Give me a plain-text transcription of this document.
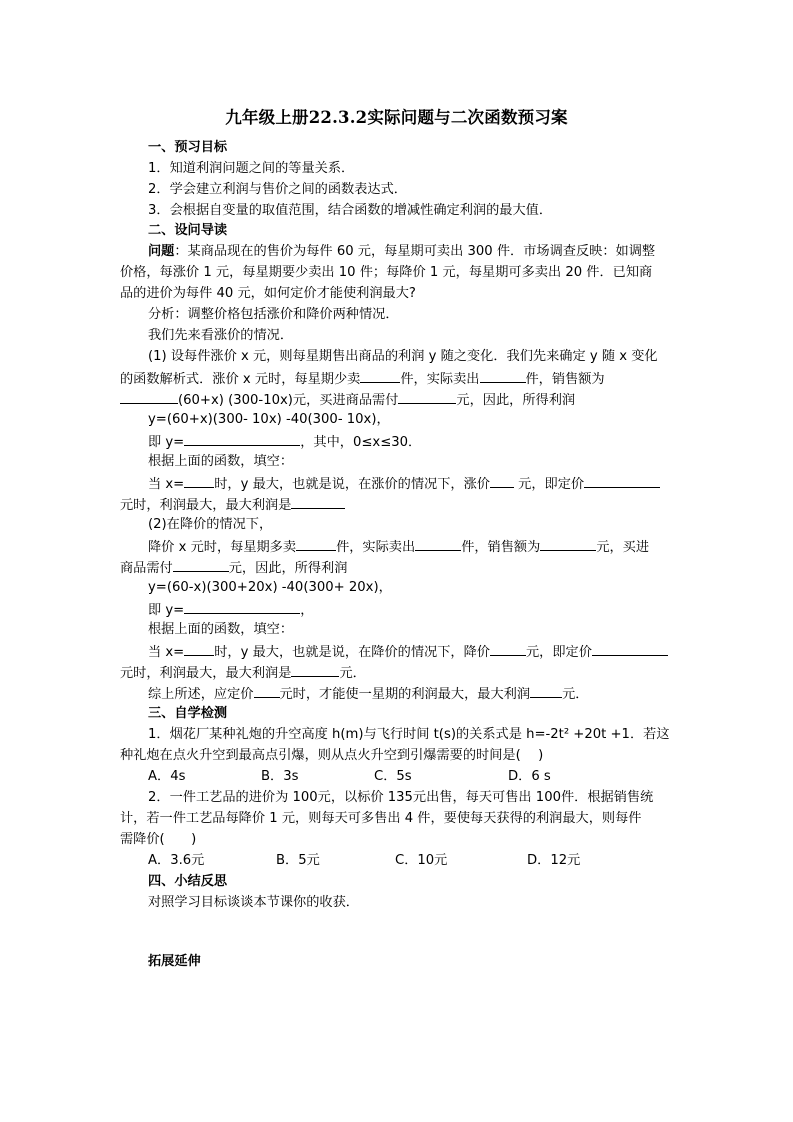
九年级上册22.3.2实际问题与二次函数预习案
一、预习目标
1．知道利润问题之间的等量关系．
2．学会建立利润与售价之间的函数表达式．
3．会根据自变量的取值范围，结合函数的增减性确定利润的最大值．
二、设问导读
问题：某商品现在的售价为每件 60 元，每星期可卖出 300 件．市场调查反映：如调整
价格，每涨价 1 元，每星期要少卖出 10 件；每降价 1 元，每星期可多卖出 20 件．已知商
品的进价为每件 40 元，如何定价才能使利润最大?
分析：调整价格包括涨价和降价两种情况．
我们先来看涨价的情况．
(1) 设每件涨价 x 元，则每星期售出商品的利润 y 随之变化．我们先来确定 y 随 x 变化
的函数解析式．涨价 x 元时，每星期少卖	件，实际卖出	件，销售额为
(60+x) (300-10x)元，买进商品需付	元，因此，所得利润
y=(60+x)(300- 10x) -40(300- 10x)，
即 y=	，其中，0≤x≤30．
根据上面的函数，填空：
当 x= 时，y 最大，也就是说，在涨价的情况下，涨价 元，即定价
元时，利润最大，最大利润是
(2)在降价的情况下，
降价 x 元时，每星期多卖	件，实际卖出	件，销售额为	元，买进
商品需付	元，因此，所得利润
y=(60-x)(300+20x) -40(300+ 20x)，
即 y=	，
根据上面的函数，填空：
当 x= 时，y 最大，也就是说，在降价的情况下，降价	元，即定价
元时，利润最大，最大利润是	元．
综上所述，应定价 元时，才能使一星期的利润最大，最大利润 元．
三、自学检测
1．烟花厂某种礼炮的升空高度 h(m)与飞行时间 t(s)的关系式是 h=-2t² +20t +1．若这
种礼炮在点火升空到最高点引爆，则从点火升空到引爆需要的时间是(　 )
A．4s	B．3s	C．5s	D．6 s
2．一件工艺品的进价为 100元，以标价 135元出售，每天可售出 100件．根据销售统
计，若一件工艺品每降价 1 元，则每天可多售出 4 件，要使每天获得的利润最大，则每件
需降价(　　)
A．3.6元	B．5元	C．10元	D．12元
四、小结反思
对照学习目标谈谈本节课你的收获．
拓展延伸
